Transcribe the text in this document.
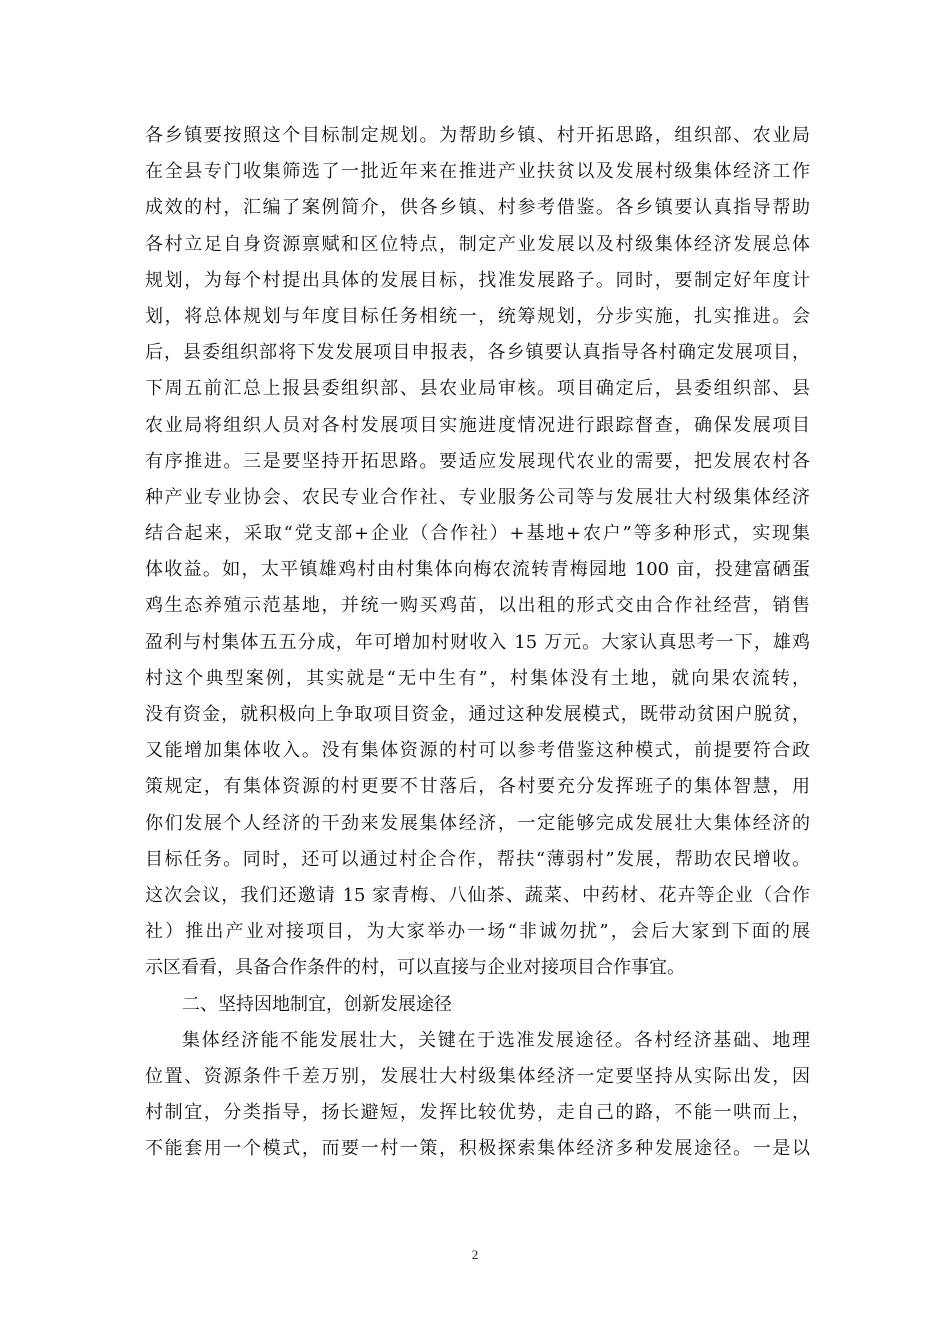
各乡镇要按照这个目标制定规划。为帮助乡镇、村开拓思路，组织部、农业局
在全县专门收集筛选了一批近年来在推进产业扶贫以及发展村级集体经济工作
成效的村，汇编了案例简介，供各乡镇、村参考借鉴。各乡镇要认真指导帮助
各村立足自身资源禀赋和区位特点，制定产业发展以及村级集体经济发展总体
规划，为每个村提出具体的发展目标，找准发展路子。同时，要制定好年度计
划，将总体规划与年度目标任务相统一，统筹规划，分步实施，扎实推进。会
后，县委组织部将下发发展项目申报表，各乡镇要认真指导各村确定发展项目，
下周五前汇总上报县委组织部、县农业局审核。项目确定后，县委组织部、县
农业局将组织人员对各村发展项目实施进度情况进行跟踪督查，确保发展项目
有序推进。三是要坚持开拓思路。要适应发展现代农业的需要，把发展农村各
种产业专业协会、农民专业合作社、专业服务公司等与发展壮大村级集体经济
结合起来，采取“党支部+企业（合作社）+基地+农户”等多种形式，实现集
体收益。如，太平镇雄鸡村由村集体向梅农流转青梅园地 100 亩，投建富硒蛋
鸡生态养殖示范基地，并统一购买鸡苗，以出租的形式交由合作社经营，销售
盈利与村集体五五分成，年可增加村财收入 15 万元。大家认真思考一下，雄鸡
村这个典型案例，其实就是“无中生有”，村集体没有土地，就向果农流转，
没有资金，就积极向上争取项目资金，通过这种发展模式，既带动贫困户脱贫，
又能增加集体收入。没有集体资源的村可以参考借鉴这种模式，前提要符合政
策规定，有集体资源的村更要不甘落后，各村要充分发挥班子的集体智慧，用
你们发展个人经济的干劲来发展集体经济，一定能够完成发展壮大集体经济的
目标任务。同时，还可以通过村企合作，帮扶“薄弱村”发展，帮助农民增收。
这次会议，我们还邀请 15 家青梅、八仙茶、蔬菜、中药材、花卉等企业（合作
社）推出产业对接项目，为大家举办一场“非诚勿扰”，会后大家到下面的展
示区看看，具备合作条件的村，可以直接与企业对接项目合作事宜。
二、坚持因地制宜，创新发展途径
集体经济能不能发展壮大，关键在于选准发展途径。各村经济基础、地理
位置、资源条件千差万别，发展壮大村级集体经济一定要坚持从实际出发，因
村制宜，分类指导，扬长避短，发挥比较优势，走自己的路，不能一哄而上，
不能套用一个模式，而要一村一策，积极探索集体经济多种发展途径。一是以
2
